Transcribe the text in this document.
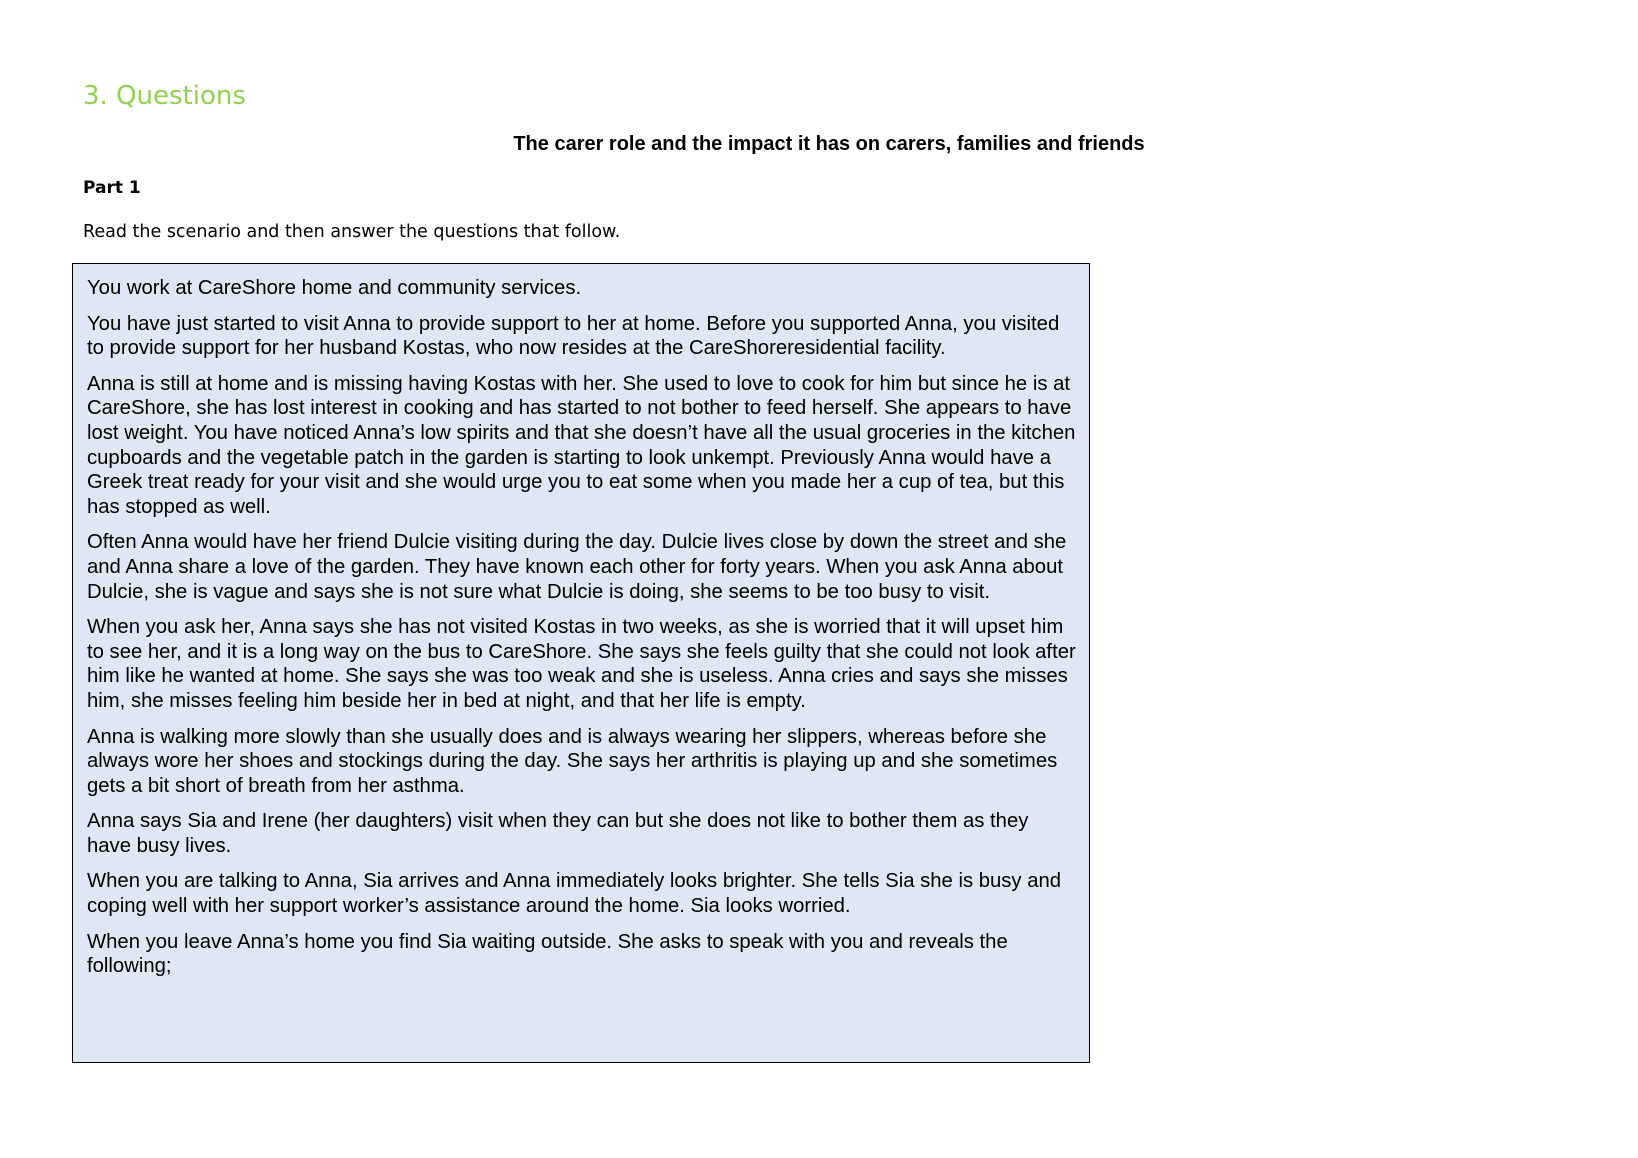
3. Questions
The carer role and the impact it has on carers, families and friends

Part 1

Read the scenario and then answer the questions that follow.

You work at CareShore home and community services.

You have just started to visit Anna to provide support to her at home. Before you supported Anna, you visited to provide support for her husband Kostas, who now resides at the CareShoreresidential facility.

Anna is still at home and is missing having Kostas with her. She used to love to cook for him but since he is at CareShore, she has lost interest in cooking and has started to not bother to feed herself. She appears to have lost weight. You have noticed Anna’s low spirits and that she doesn’t have all the usual groceries in the kitchen cupboards and the vegetable patch in the garden is starting to look unkempt. Previously Anna would have a Greek treat ready for your visit and she would urge you to eat some when you made her a cup of tea, but this has stopped as well.

Often Anna would have her friend Dulcie visiting during the day. Dulcie lives close by down the street and she and Anna share a love of the garden. They have known each other for forty years. When you ask Anna about Dulcie, she is vague and says she is not sure what Dulcie is doing, she seems to be too busy to visit.

When you ask her, Anna says she has not visited Kostas in two weeks, as she is worried that it will upset him to see her, and it is a long way on the bus to CareShore. She says she feels guilty that she could not look after him like he wanted at home. She says she was too weak and she is useless. Anna cries and says she misses him, she misses feeling him beside her in bed at night, and that her life is empty.

Anna is walking more slowly than she usually does and is always wearing her slippers, whereas before she always wore her shoes and stockings during the day. She says her arthritis is playing up and she sometimes gets a bit short of breath from her asthma.

Anna says Sia and Irene (her daughters) visit when they can but she does not like to bother them as they have busy lives.

When you are talking to Anna, Sia arrives and Anna immediately looks brighter. She tells Sia she is busy and coping well with her support worker’s assistance around the home. Sia looks worried.

When you leave Anna’s home you find Sia waiting outside. She asks to speak with you and reveals the following;
